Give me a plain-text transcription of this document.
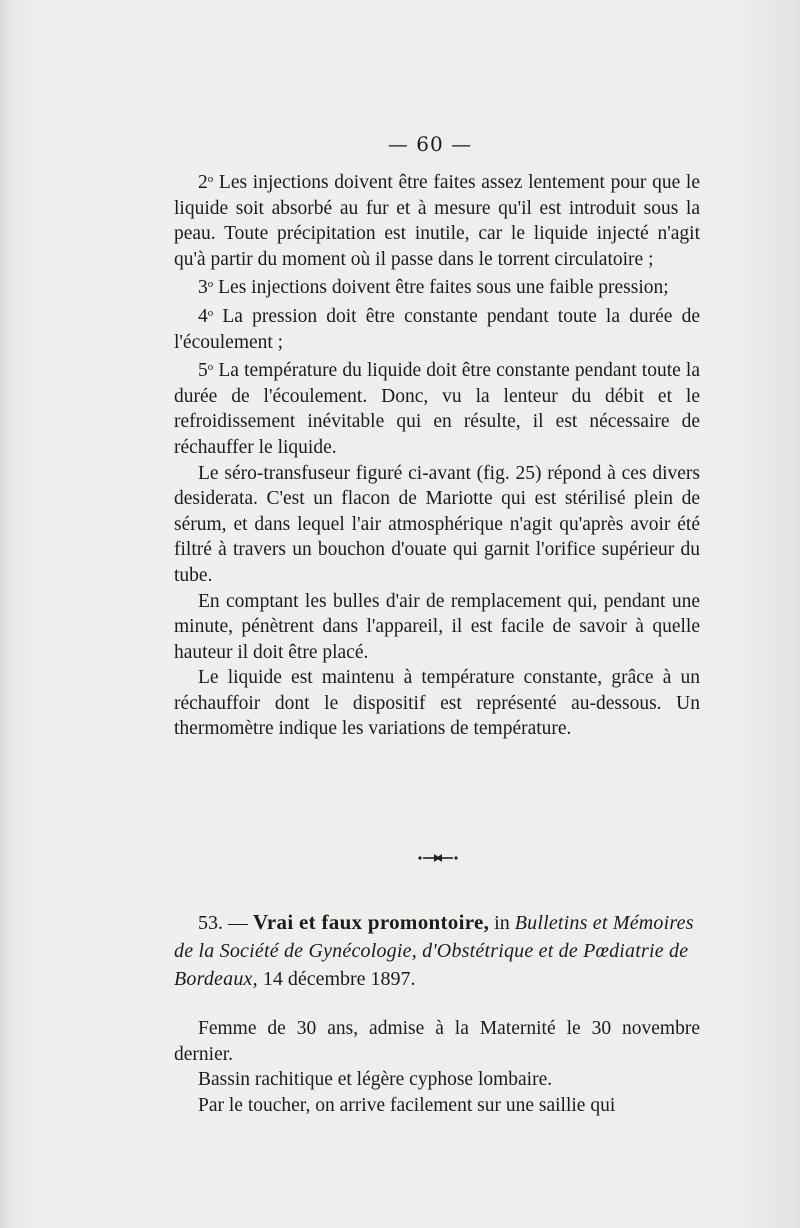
— 60 —

2$^o$ Les injections doivent être faites assez lentement pour que le liquide soit absorbé au fur et à mesure qu'il est introduit sous la peau. Toute précipitation est inutile, car le liquide injecté n'agit qu'à partir du moment où il passe dans le torrent circulatoire ;

3$^o$ Les injections doivent être faites sous une faible pression;

4$^o$ La pression doit être constante pendant toute la durée de l'écoulement ;

5$^o$ La température du liquide doit être constante pendant toute la durée de l'écoulement. Donc, vu la lenteur du débit et le refroidissement inévitable qui en résulte, il est nécessaire de réchauffer le liquide.

Le séro-transfuseur figuré ci-avant (fig. 25) répond à ces divers desiderata. C'est un flacon de Mariotte qui est stérilisé plein de sérum, et dans lequel l'air atmosphérique n'agit qu'après avoir été filtré à travers un bouchon d'ouate qui garnit l'orifice supérieur du tube.

En comptant les bulles d'air de remplacement qui, pendant une minute, pénètrent dans l'appareil, il est facile de savoir à quelle hauteur il doit être placé.

Le liquide est maintenu à température constante, grâce à un réchauffoir dont le dispositif est représenté au-dessous. Un thermomètre indique les variations de température.

53. — Vrai et faux promontoire, in Bulletins et Mémoires de la Société de Gynécologie, d'Obstétrique et de Pœdiatrie de Bordeaux, 14 décembre 1897.

Femme de 30 ans, admise à la Maternité le 30 novembre dernier.

Bassin rachitique et légère cyphose lombaire.

Par le toucher, on arrive facilement sur une saillie qui
